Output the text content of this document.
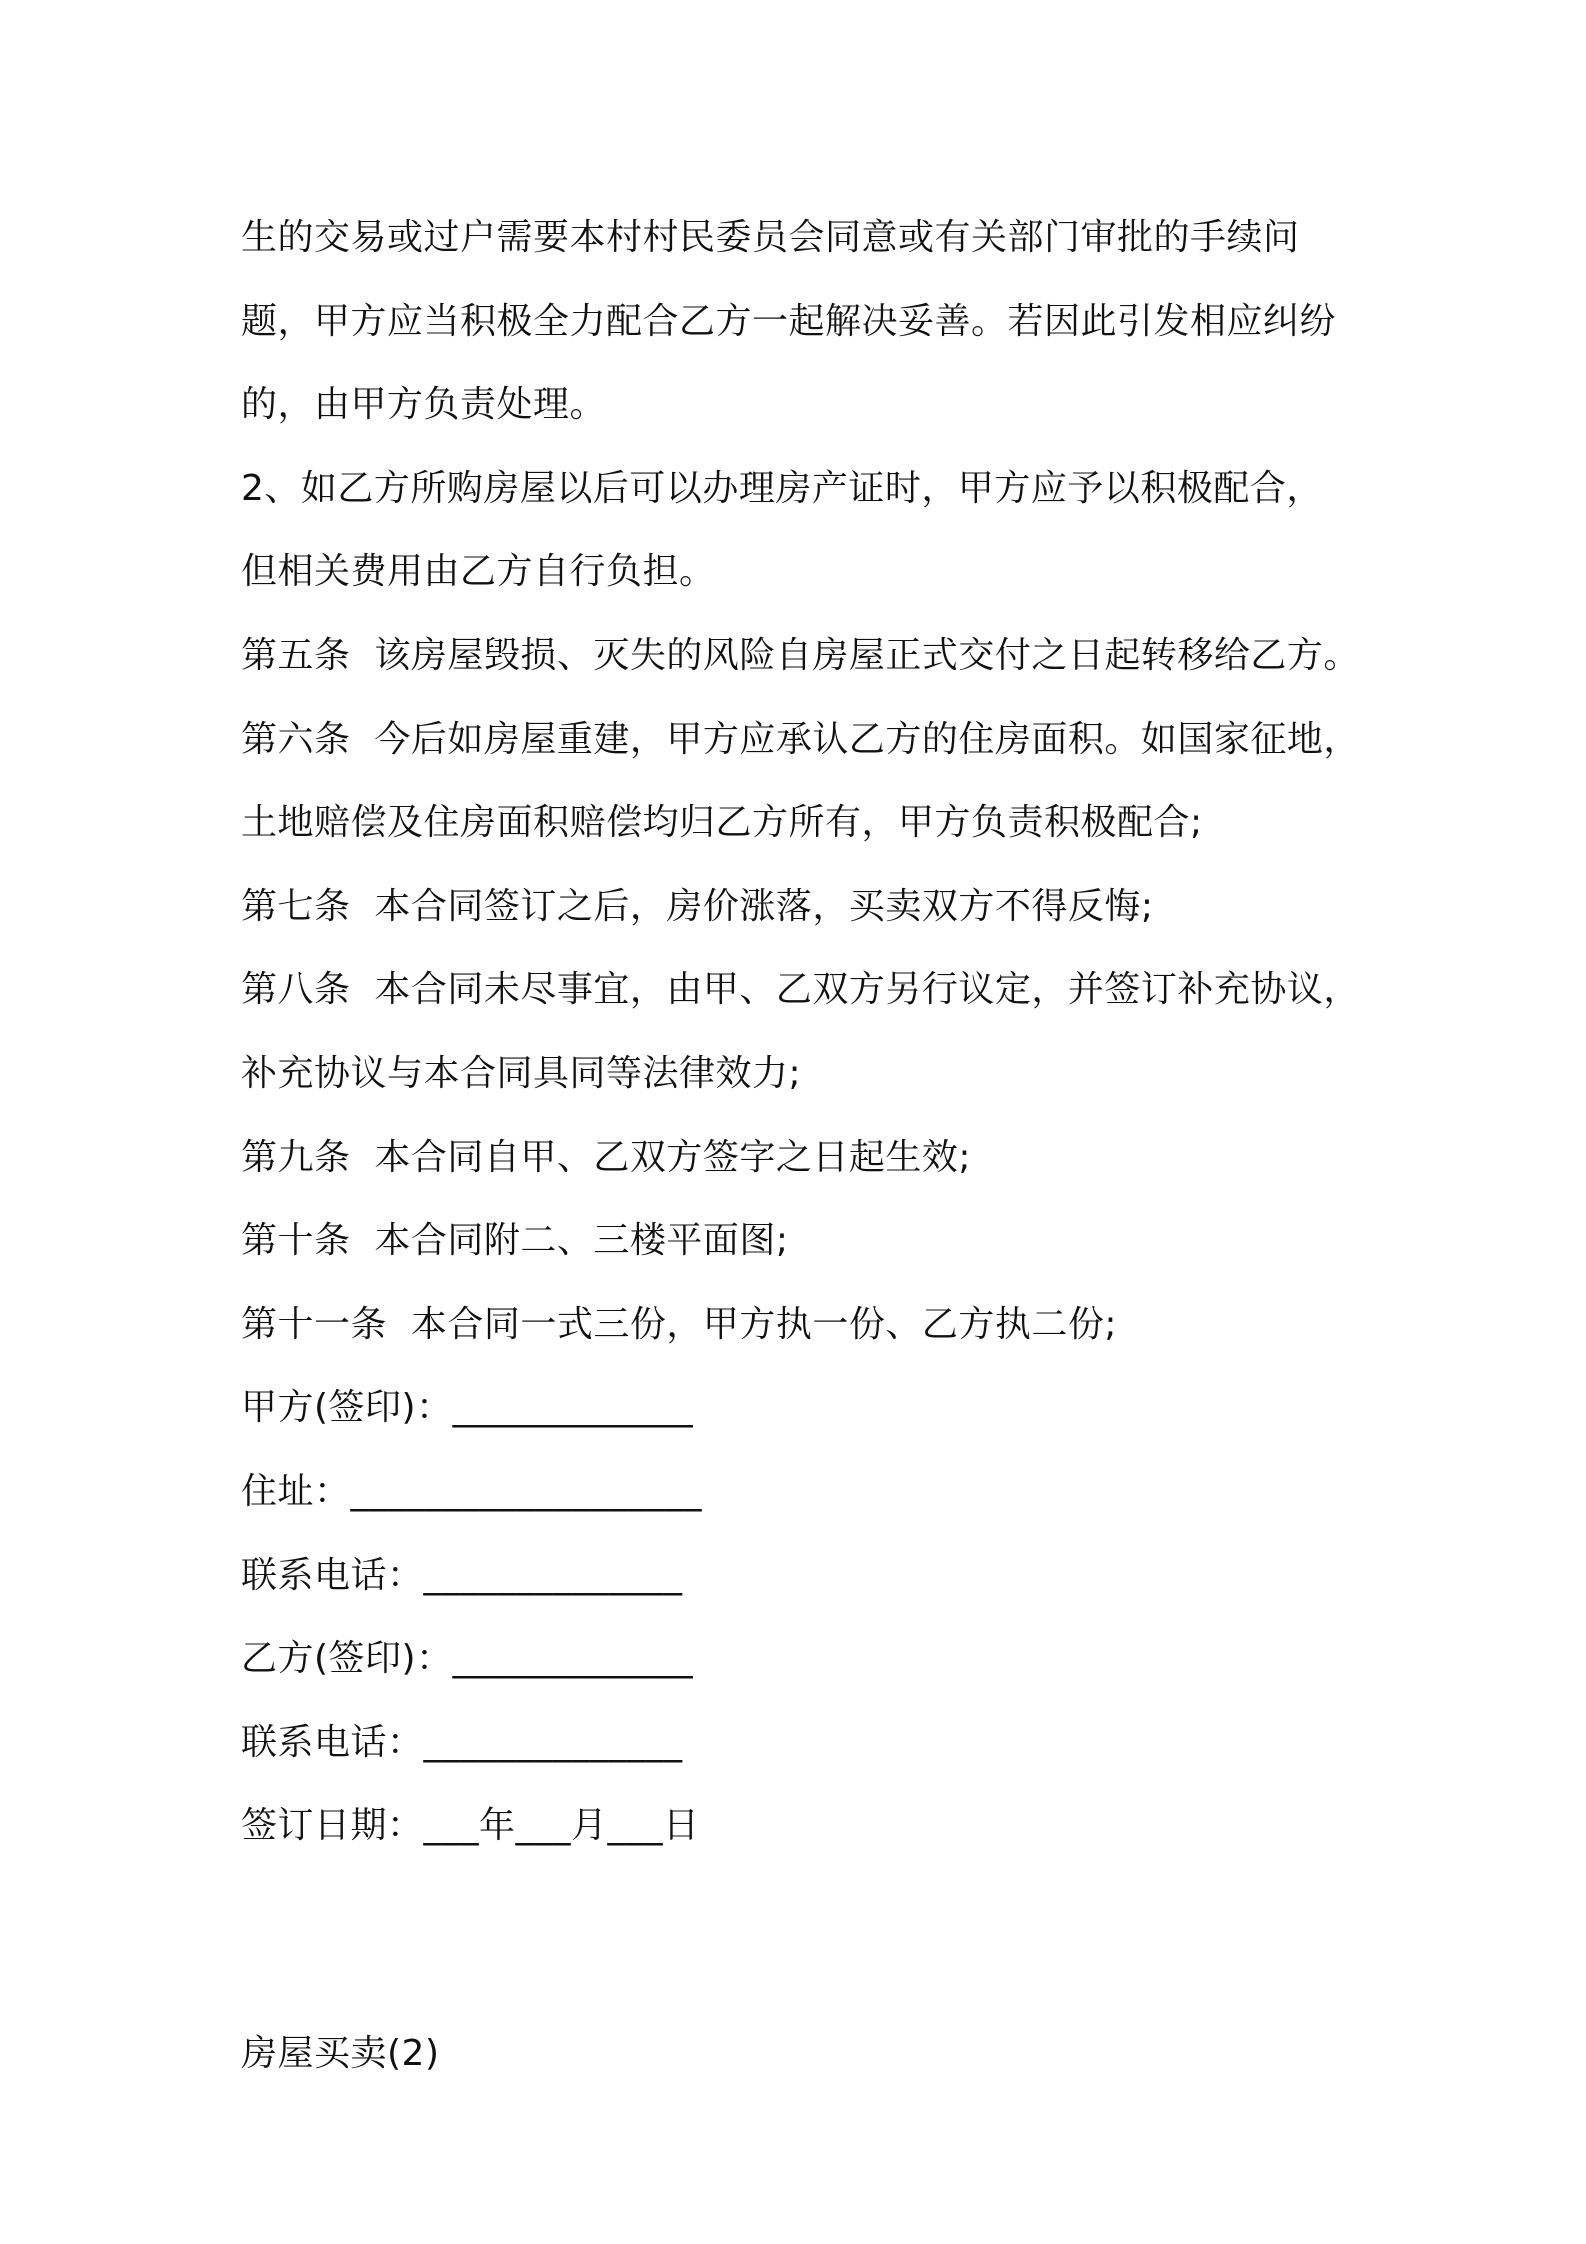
生的交易或过户需要本村村民委员会同意或有关部门审批的手续问
题，甲方应当积极全力配合乙方一起解决妥善。若因此引发相应纠纷
的，由甲方负责处理。
2、如乙方所购房屋以后可以办理房产证时，甲方应予以积极配合，
但相关费用由乙方自行负担。
第五条  该房屋毁损、灭失的风险自房屋正式交付之日起转移给乙方。
第六条  今后如房屋重建，甲方应承认乙方的住房面积。如国家征地，
土地赔偿及住房面积赔偿均归乙方所有，甲方负责积极配合;
第七条  本合同签订之后，房价涨落，买卖双方不得反悔;
第八条  本合同未尽事宜，由甲、乙双方另行议定，并签订补充协议，
补充协议与本合同具同等法律效力;
第九条  本合同自甲、乙双方签字之日起生效;
第十条  本合同附二、三楼平面图;
第十一条  本合同一式三份，甲方执一份、乙方执二份;
甲方(签印)：_____________
住址：___________________
联系电话：______________
乙方(签印)：_____________
联系电话：______________
签订日期：___年___月___日
房屋买卖(2)
